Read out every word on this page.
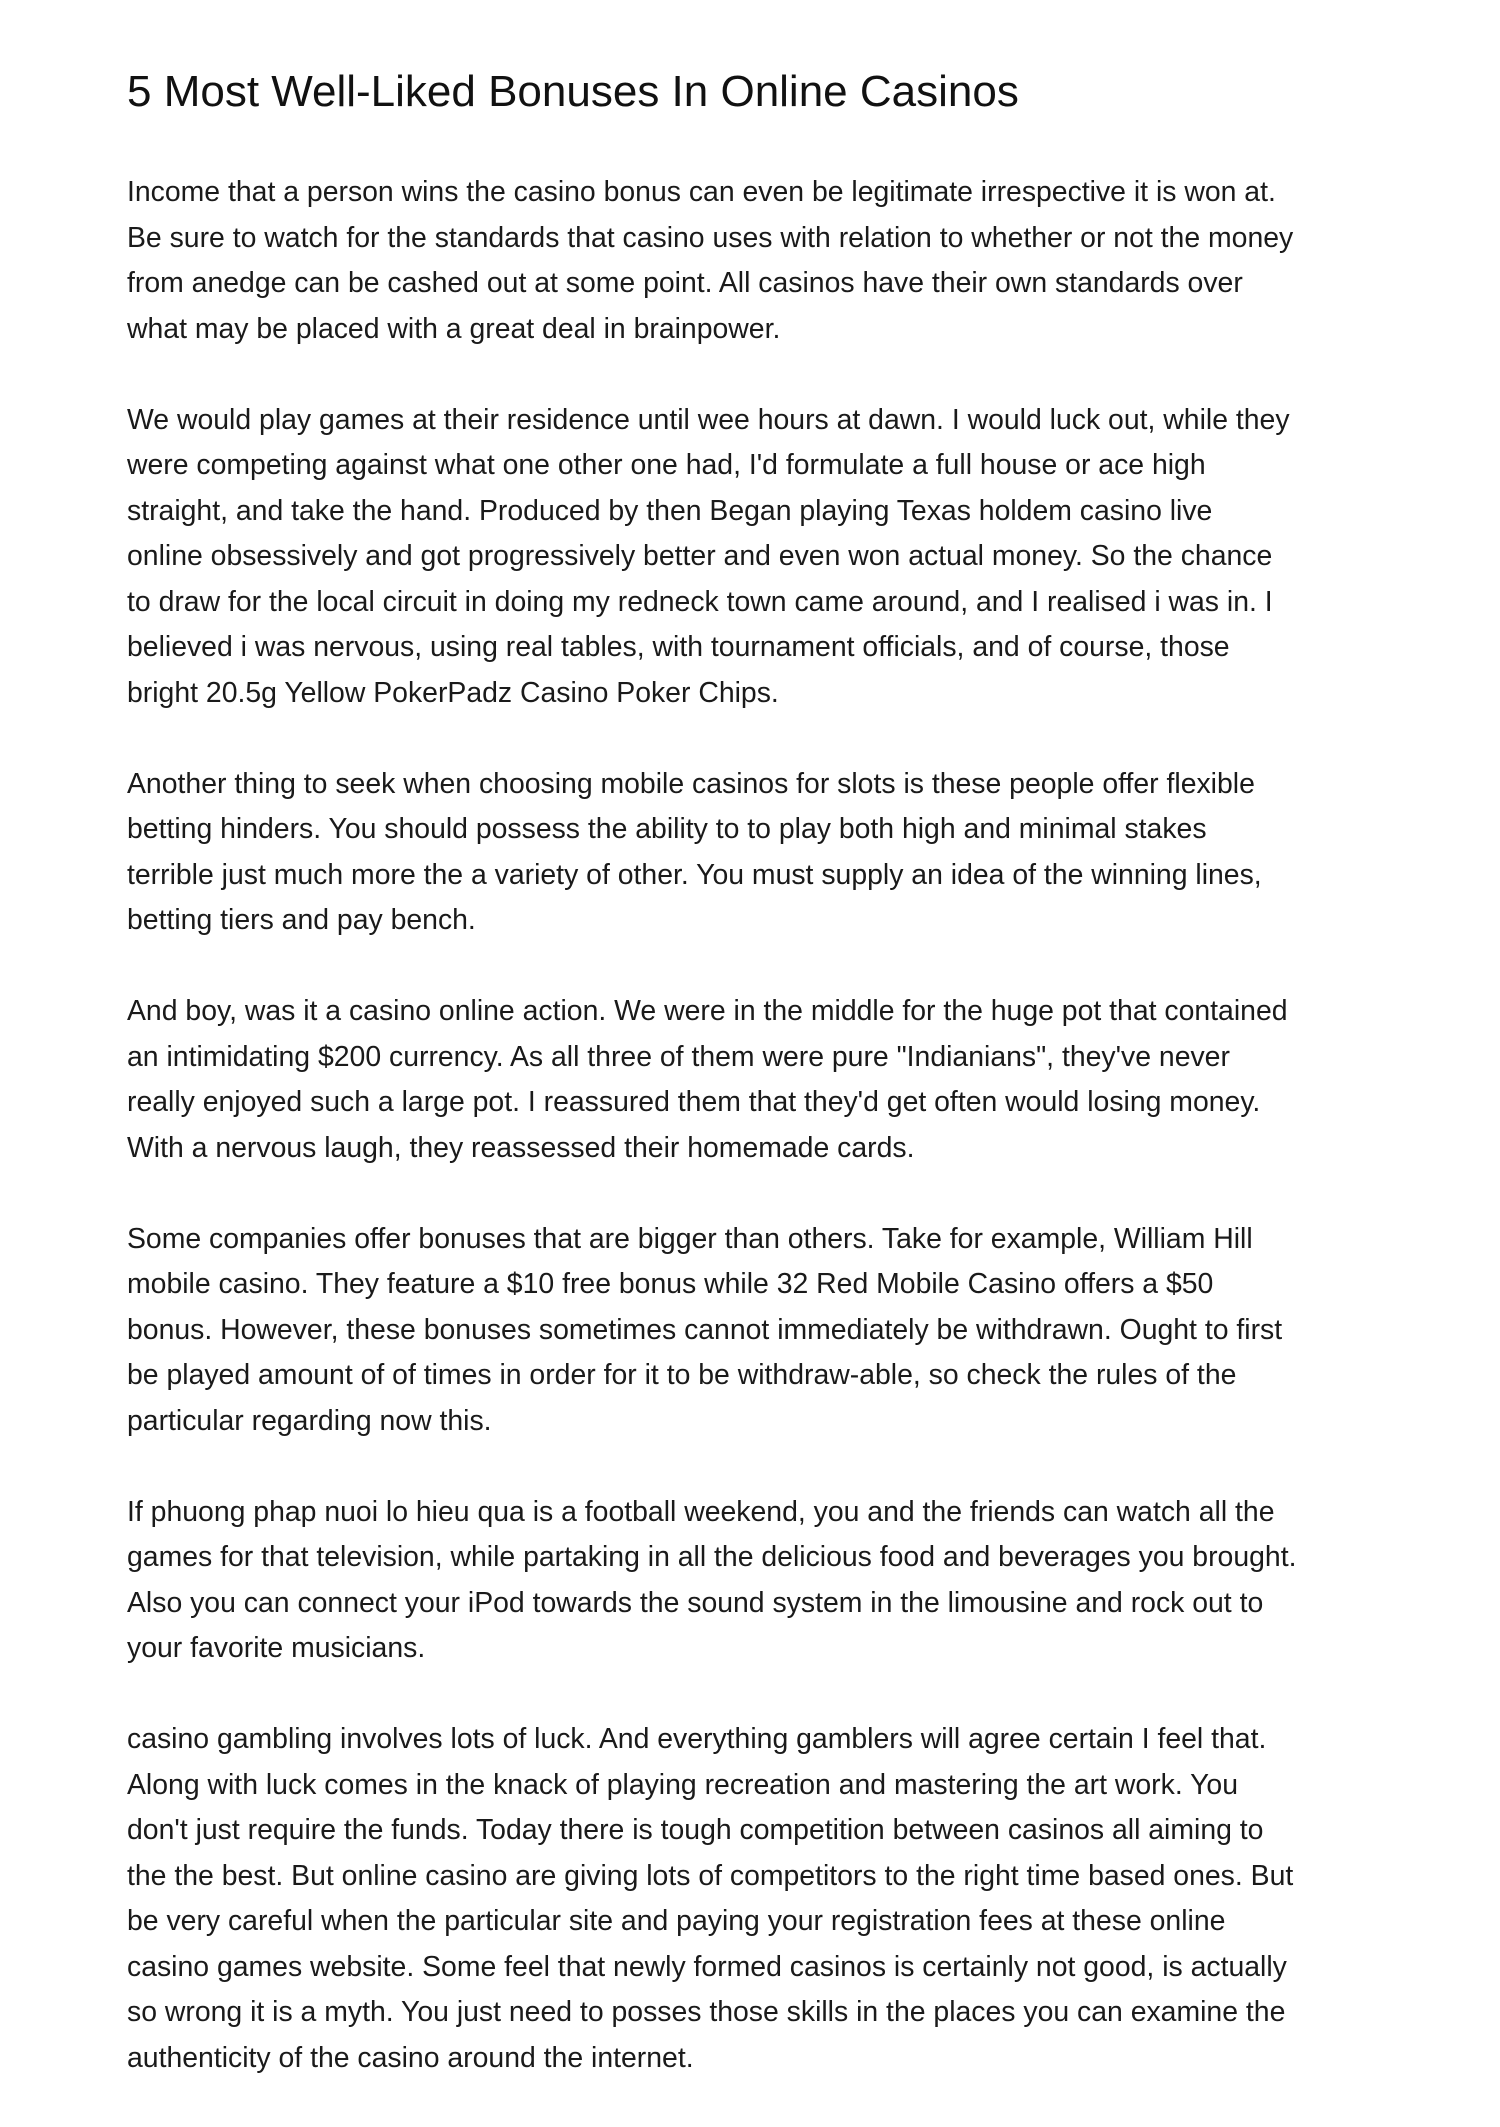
5 Most Well-Liked Bonuses In Online Casinos

Income that a person wins the casino bonus can even be legitimate irrespective it is won at.
Be sure to watch for the standards that casino uses with relation to whether or not the money
from anedge can be cashed out at some point. All casinos have their own standards over
what may be placed with a great deal in brainpower.

We would play games at their residence until wee hours at dawn. I would luck out, while they
were competing against what one other one had, I'd formulate a full house or ace high
straight, and take the hand. Produced by then Began playing Texas holdem casino live
online obsessively and got progressively better and even won actual money. So the chance
to draw for the local circuit in doing my redneck town came around, and I realised i was in. I
believed i was nervous, using real tables, with tournament officials, and of course, those
bright 20.5g Yellow PokerPadz Casino Poker Chips.

Another thing to seek when choosing mobile casinos for slots is these people offer flexible
betting hinders. You should possess the ability to to play both high and minimal stakes
terrible just much more the a variety of other. You must supply an idea of the winning lines,
betting tiers and pay bench.

And boy, was it a casino online action. We were in the middle for the huge pot that contained
an intimidating $200 currency. As all three of them were pure "Indianians", they've never
really enjoyed such a large pot. I reassured them that they'd get often would losing money.
With a nervous laugh, they reassessed their homemade cards.

Some companies offer bonuses that are bigger than others. Take for example, William Hill
mobile casino. They feature a $10 free bonus while 32 Red Mobile Casino offers a $50
bonus. However, these bonuses sometimes cannot immediately be withdrawn. Ought to first
be played amount of of times in order for it to be withdraw-able, so check the rules of the
particular regarding now this.

If phuong phap nuoi lo hieu qua is a football weekend, you and the friends can watch all the
games for that television, while partaking in all the delicious food and beverages you brought.
Also you can connect your iPod towards the sound system in the limousine and rock out to
your favorite musicians.

casino gambling involves lots of luck. And everything gamblers will agree certain I feel that.
Along with luck comes in the knack of playing recreation and mastering the art work. You
don't just require the funds. Today there is tough competition between casinos all aiming to
the the best. But online casino are giving lots of competitors to the right time based ones. But
be very careful when the particular site and paying your registration fees at these online
casino games website. Some feel that newly formed casinos is certainly not good, is actually
so wrong it is a myth. You just need to posses those skills in the places you can examine the
authenticity of the casino around the internet.
